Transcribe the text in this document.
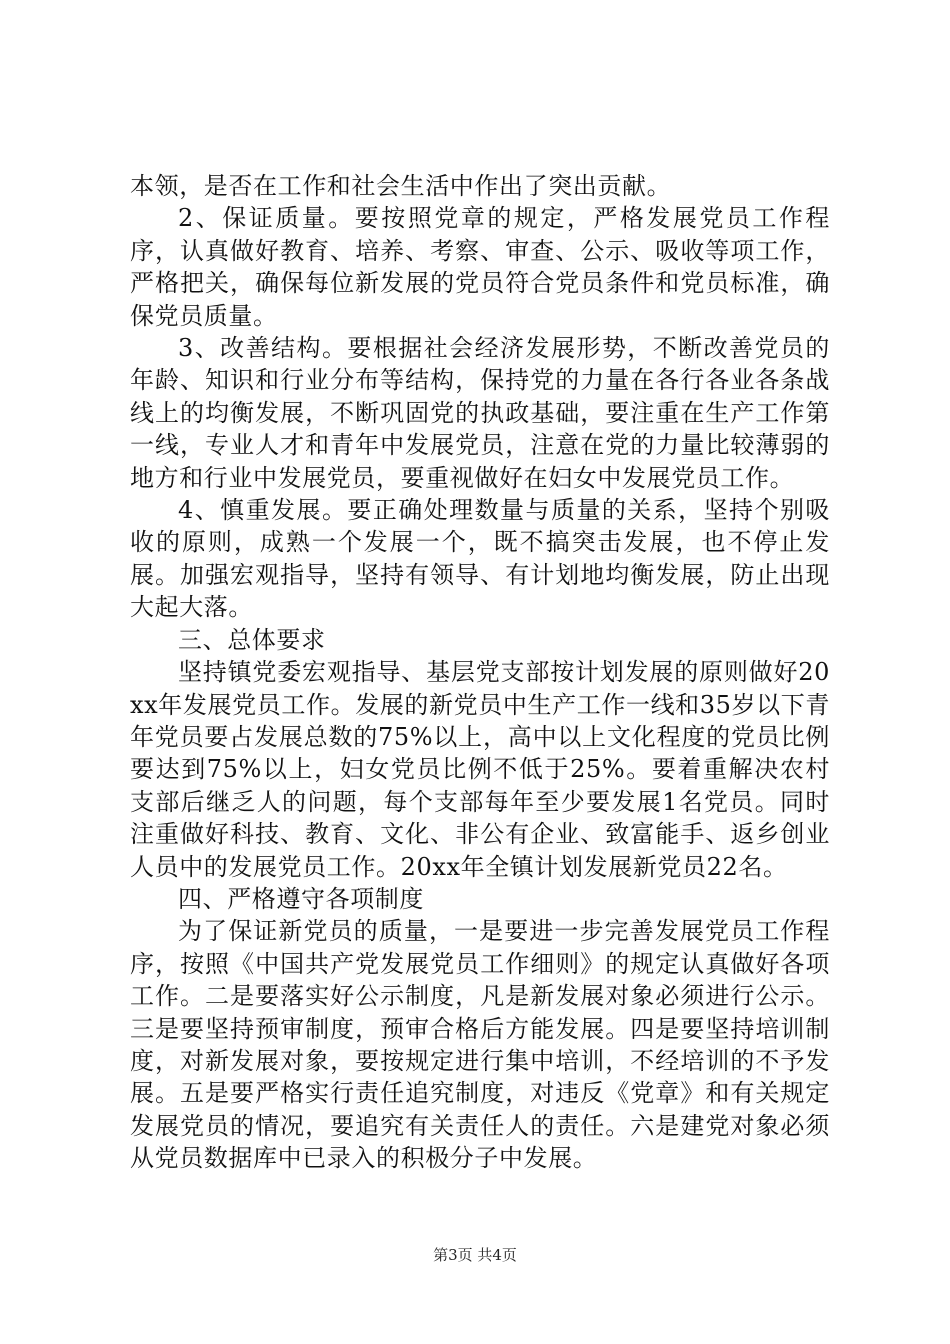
本领，是否在工作和社会生活中作出了突出贡献。

2、保证质量。要按照党章的规定，严格发展党员工作程序，认真做好教育、培养、考察、审查、公示、吸收等项工作，严格把关，确保每位新发展的党员符合党员条件和党员标准，确保党员质量。

3、改善结构。要根据社会经济发展形势，不断改善党员的年龄、知识和行业分布等结构，保持党的力量在各行各业各条战线上的均衡发展，不断巩固党的执政基础，要注重在生产工作第一线，专业人才和青年中发展党员，注意在党的力量比较薄弱的地方和行业中发展党员，要重视做好在妇女中发展党员工作。

4、慎重发展。要正确处理数量与质量的关系，坚持个别吸收的原则，成熟一个发展一个，既不搞突击发展，也不停止发展。加强宏观指导，坚持有领导、有计划地均衡发展，防止出现大起大落。

三、总体要求

坚持镇党委宏观指导、基层党支部按计划发展的原则做好20xx年发展党员工作。发展的新党员中生产工作一线和35岁以下青年党员要占发展总数的75%以上，高中以上文化程度的党员比例要达到75%以上，妇女党员比例不低于25%。要着重解决农村支部后继乏人的问题，每个支部每年至少要发展1名党员。同时注重做好科技、教育、文化、非公有企业、致富能手、返乡创业人员中的发展党员工作。20xx年全镇计划发展新党员22名。

四、严格遵守各项制度

为了保证新党员的质量，一是要进一步完善发展党员工作程序，按照《中国共产党发展党员工作细则》的规定认真做好各项工作。二是要落实好公示制度，凡是新发展对象必须进行公示。三是要坚持预审制度，预审合格后方能发展。四是要坚持培训制度，对新发展对象，要按规定进行集中培训，不经培训的不予发展。五是要严格实行责任追究制度，对违反《党章》和有关规定发展党员的情况，要追究有关责任人的责任。六是建党对象必须从党员数据库中已录入的积极分子中发展。

第3页 共4页
